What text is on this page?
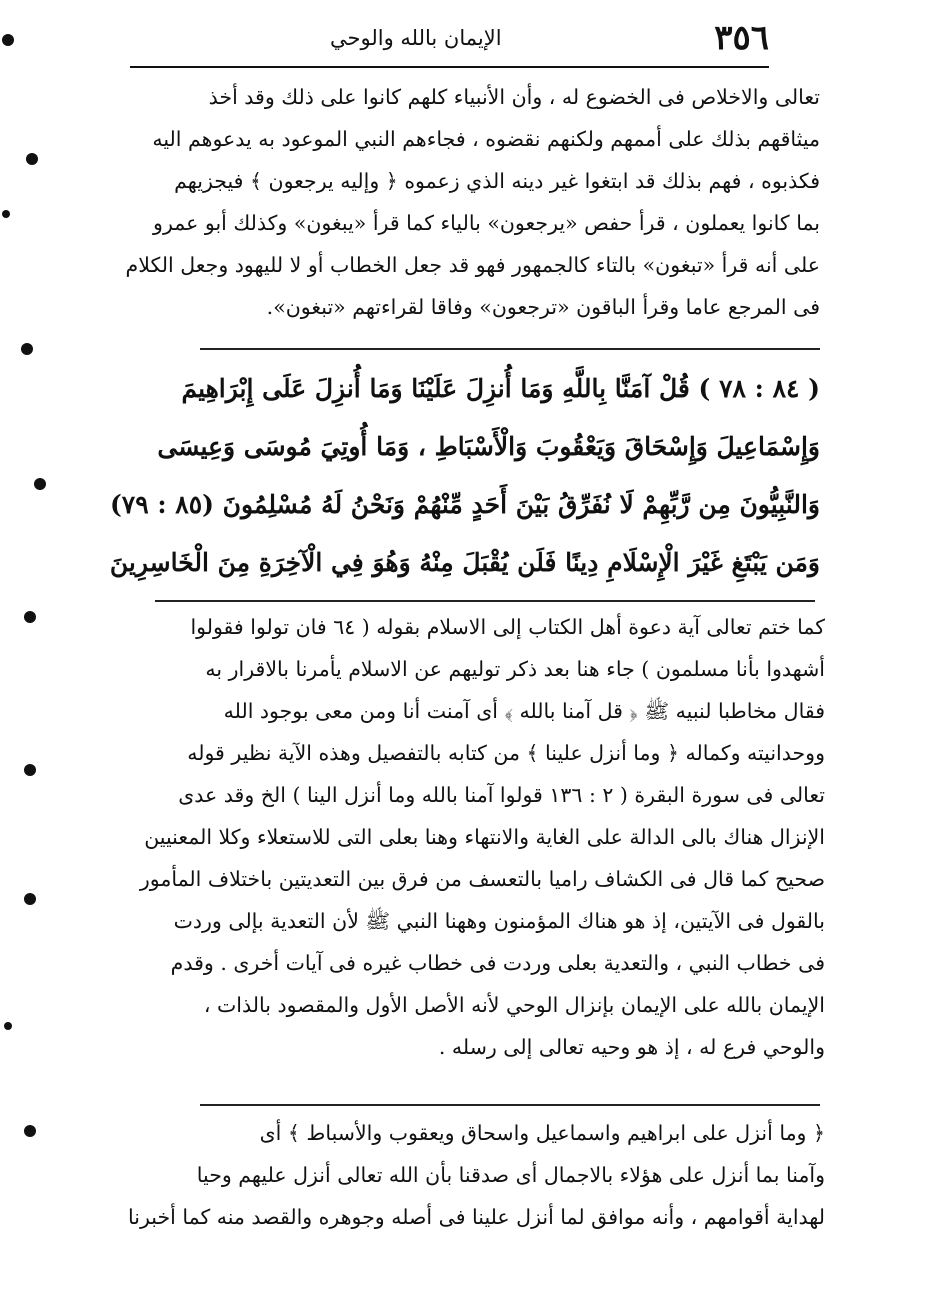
٣٥٦
الإيمان بالله والوحي
تعالى والاخلاص فى الخضوع له ، وأن الأنبياء كلهم كانوا على ذلك وقد أخذ
ميثاقهم بذلك على أممهم ولكنهم نقضوه ، فجاءهم النبي الموعود به يدعوهم اليه
فكذبوه ، فهم بذلك قد ابتغوا غير دينه الذي زعموه ﴿ وإليه يرجعون ﴾ فيجزيهم
بما كانوا يعملون ، قرأ حفص «يرجعون» بالياء كما قرأ «يبغون» وكذلك أبو عمرو
على أنه قرأ «تبغون» بالتاء كالجمهور فهو قد جعل الخطاب أو لا لليهود وجعل الكلام
فى المرجع عاما وقرأ الباقون «ترجعون» وفاقا لقراءتهم «تبغون».
( ٨٤ : ٧٨ ) قُلْ آمَنَّا بِاللَّهِ وَمَا أُنزِلَ عَلَيْنَا وَمَا أُنزِلَ عَلَى إِبْرَاهِيمَ
وَإِسْمَاعِيلَ وَإِسْحَاقَ وَيَعْقُوبَ وَالْأَسْبَاطِ ، وَمَا أُوتِيَ مُوسَى وَعِيسَى
وَالنَّبِيُّونَ مِن رَّبِّهِمْ لَا نُفَرِّقُ بَيْنَ أَحَدٍ مِّنْهُمْ وَنَحْنُ لَهُ مُسْلِمُونَ (٨٥ : ٧٩)
وَمَن يَبْتَغِ غَيْرَ الْإِسْلَامِ دِينًا فَلَن يُقْبَلَ مِنْهُ وَهُوَ فِي الْآخِرَةِ مِنَ الْخَاسِرِينَ
كما ختم تعالى آية دعوة أهل الكتاب إلى الاسلام بقوله ( ٦٤ فان تولوا فقولوا
أشهدوا بأنا مسلمون ) جاء هنا بعد ذكر توليهم عن الاسلام يأمرنا بالاقرار به
فقال مخاطبا لنبيه ﷺ ﴿ قل آمنا بالله ﴾ أى آمنت أنا ومن معى بوجود الله
ووحدانيته وكماله ﴿ وما أنزل علينا ﴾ من كتابه بالتفصيل وهذه الآية نظير قوله
تعالى فى سورة البقرة ( ٢ : ١٣٦ قولوا آمنا بالله وما أنزل الينا ) الخ وقد عدى
الإنزال هناك بالى الدالة على الغاية والانتهاء وهنا بعلى التى للاستعلاء وكلا المعنيين
صحيح كما قال فى الكشاف راميا بالتعسف من فرق بين التعديتين باختلاف المأمور
بالقول فى الآيتين، إذ هو هناك المؤمنون وههنا النبي ﷺ لأن التعدية بإلى وردت
فى خطاب النبي ، والتعدية بعلى وردت فى خطاب غيره فى آيات أخرى . وقدم
الإيمان بالله على الإيمان بإنزال الوحي لأنه الأصل الأول والمقصود بالذات ،
والوحي فرع له ، إذ هو وحيه تعالى إلى رسله .
﴿ وما أنزل على ابراهيم واسماعيل واسحاق ويعقوب والأسباط ﴾ أى
وآمنا بما أنزل على هؤلاء بالاجمال أى صدقنا بأن الله تعالى أنزل عليهم وحيا
لهداية أقوامهم ، وأنه موافق لما أنزل علينا فى أصله وجوهره والقصد منه كما أخبرنا
